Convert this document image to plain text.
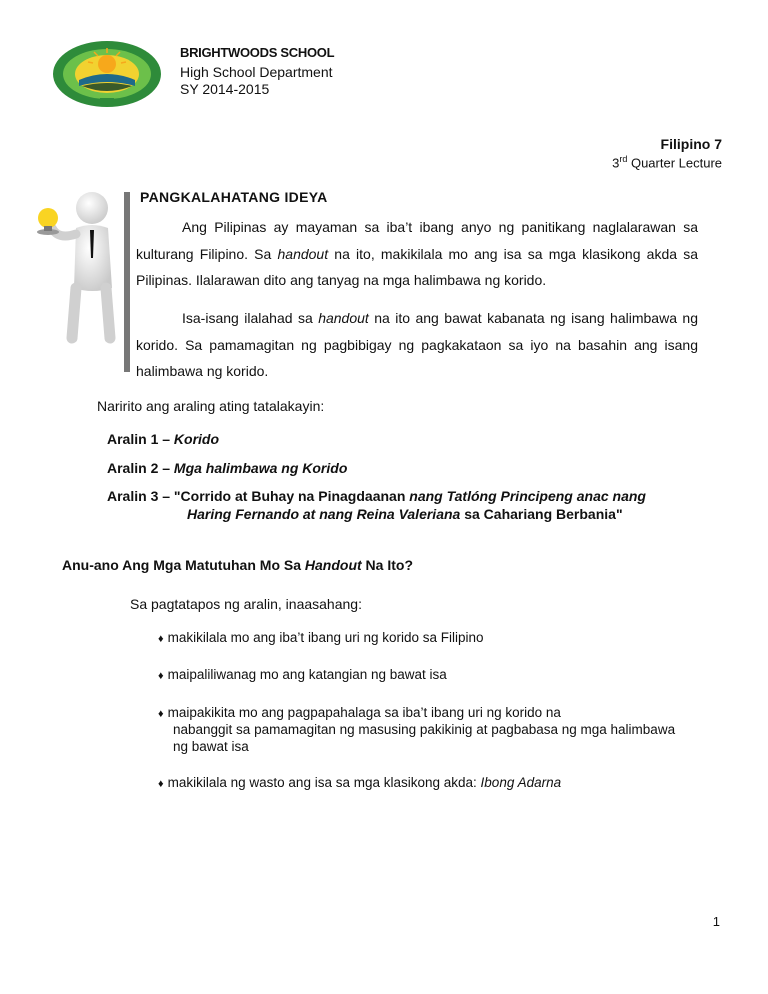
BRIGHTWOODS SCHOOL
High School Department
SY 2014-2015
Filipino 7
3rd Quarter Lecture
PANGKALAHATANG IDEYA
Ang Pilipinas ay mayaman sa iba’t ibang anyo ng panitikang naglalarawan sa kulturang Filipino. Sa handout na ito, makikilala mo ang isa sa mga klasikong akda sa Pilipinas. Ilalarawan dito ang tanyag na mga halimbawa ng korido.
Isa-isang ilalahad sa handout na ito ang bawat kabanata ng isang halimbawa ng korido. Sa pamamagitan ng pagbibigay ng pagkakataon sa iyo na basahin ang isang halimbawa ng korido.
Naririto ang araling ating tatalakayin:
Aralin 1 – Korido
Aralin 2 – Mga halimbawa ng Korido
Aralin 3 – "Corrido at Buhay na Pinagdaanan nang Tatlóng Principeng anac nang
Haring Fernando at nang Reina Valeriana sa Cahariang Berbania"
Anu-ano Ang Mga Matutuhan Mo Sa Handout Na Ito?
Sa pagtatapos ng aralin, inaasahang:
♦ makikilala mo ang iba’t ibang uri ng korido sa Filipino
♦ maipaliliwanag mo ang katangian ng bawat isa
♦ maipakikita mo ang pagpapahalaga sa iba’t ibang uri ng korido na
nabanggit sa pamamagitan ng masusing pakikinig at pagbabasa ng mga halimbawa
ng bawat isa
♦ makikilala ng wasto ang isa sa mga klasikong akda: Ibong Adarna
1
